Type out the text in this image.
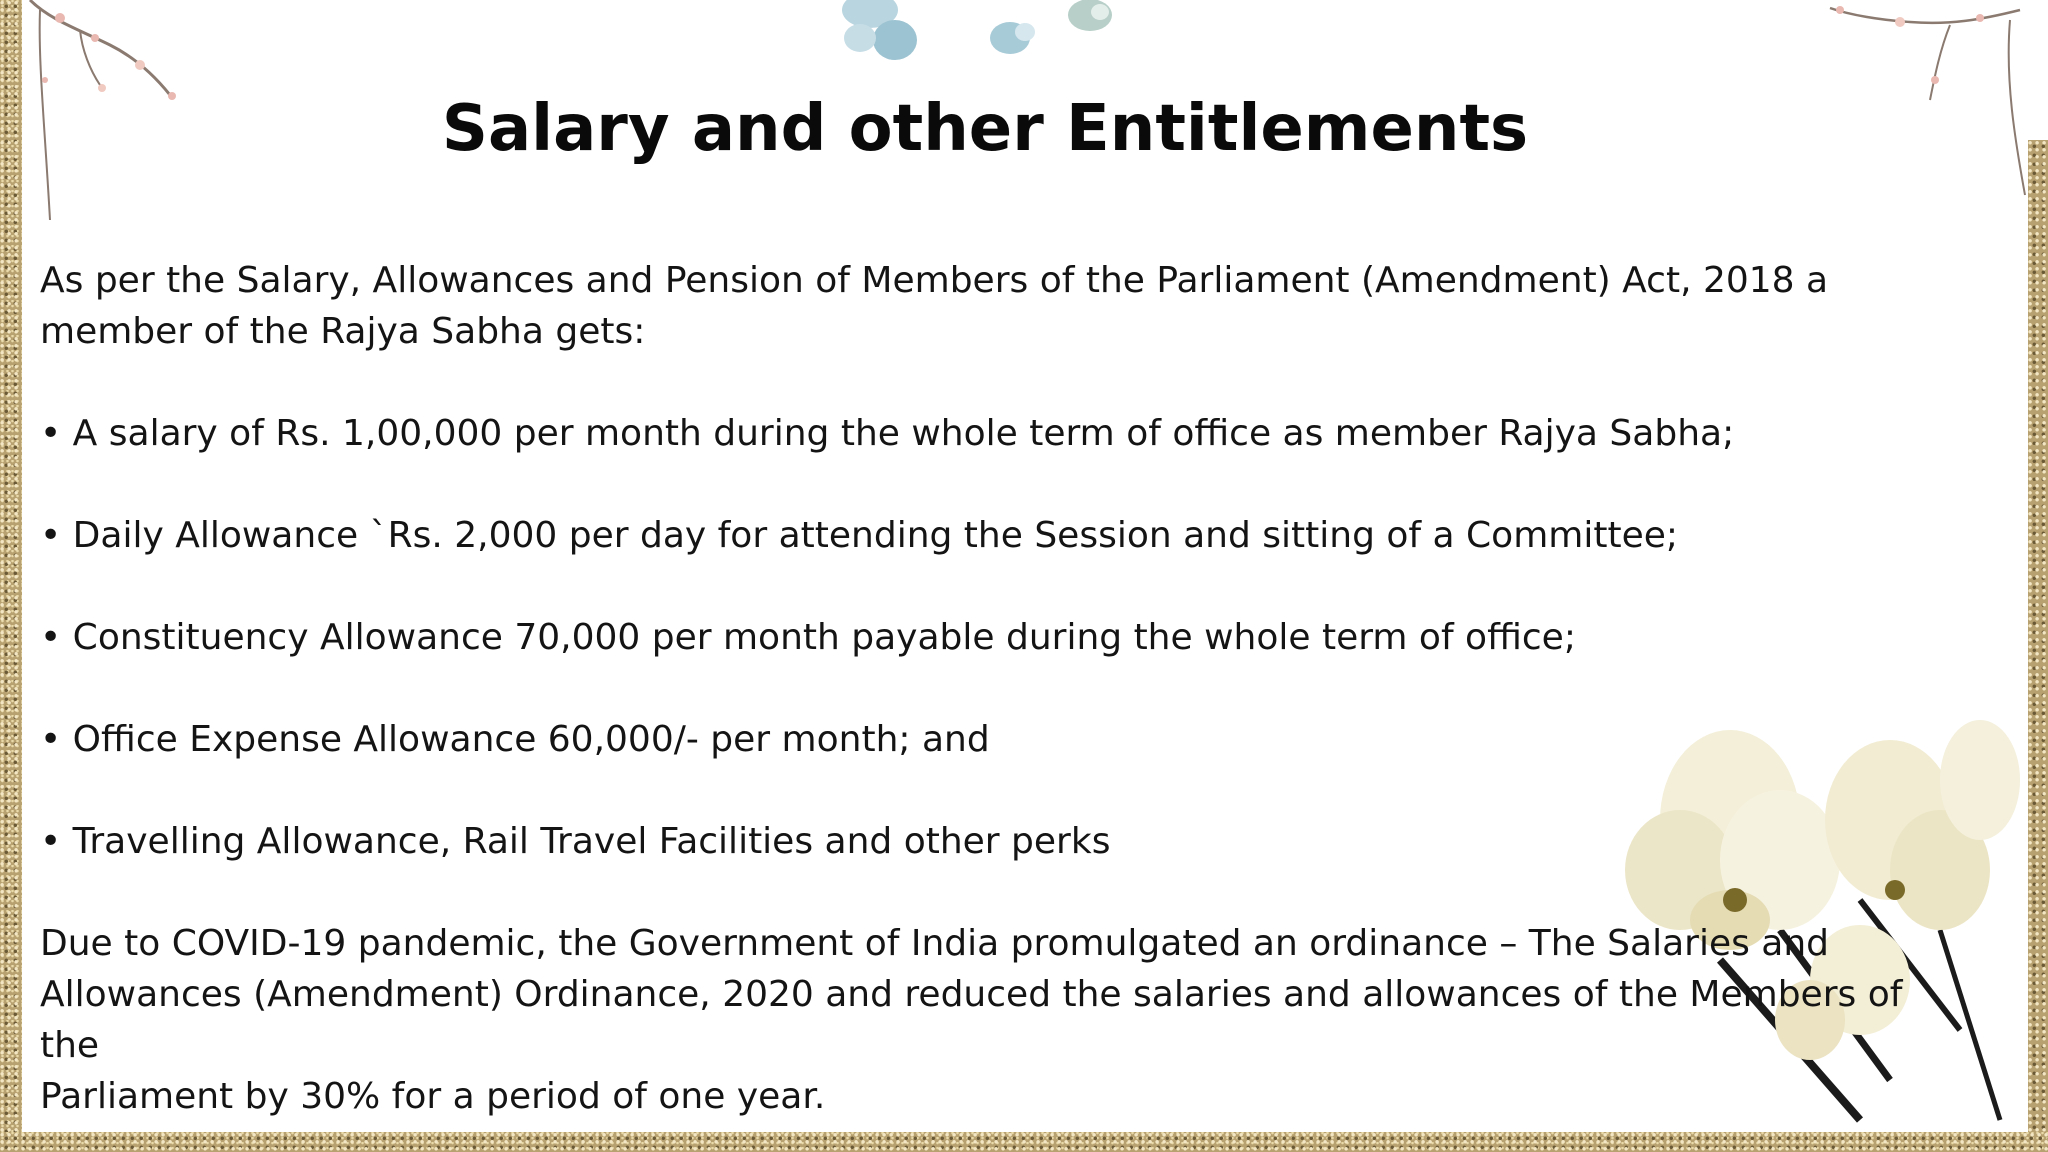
Salary and other Entitlements

As per the Salary, Allowances and Pension of Members of the Parliament (Amendment) Act, 2018 a

member of the Rajya Sabha gets:

• A salary of Rs. 1,00,000 per month during the whole term of office as member Rajya Sabha;

• Daily Allowance `Rs. 2,000 per day for attending the Session and sitting of a Committee;

• Constituency Allowance 70,000 per month payable during the whole term of office;

• Office Expense Allowance 60,000/- per month; and

• Travelling Allowance, Rail Travel Facilities and other perks

Due to COVID-19 pandemic, the Government of India promulgated an ordinance – The Salaries and

Allowances (Amendment) Ordinance, 2020 and reduced the salaries and allowances of the Members of the

Parliament by 30% for a period of one year.
